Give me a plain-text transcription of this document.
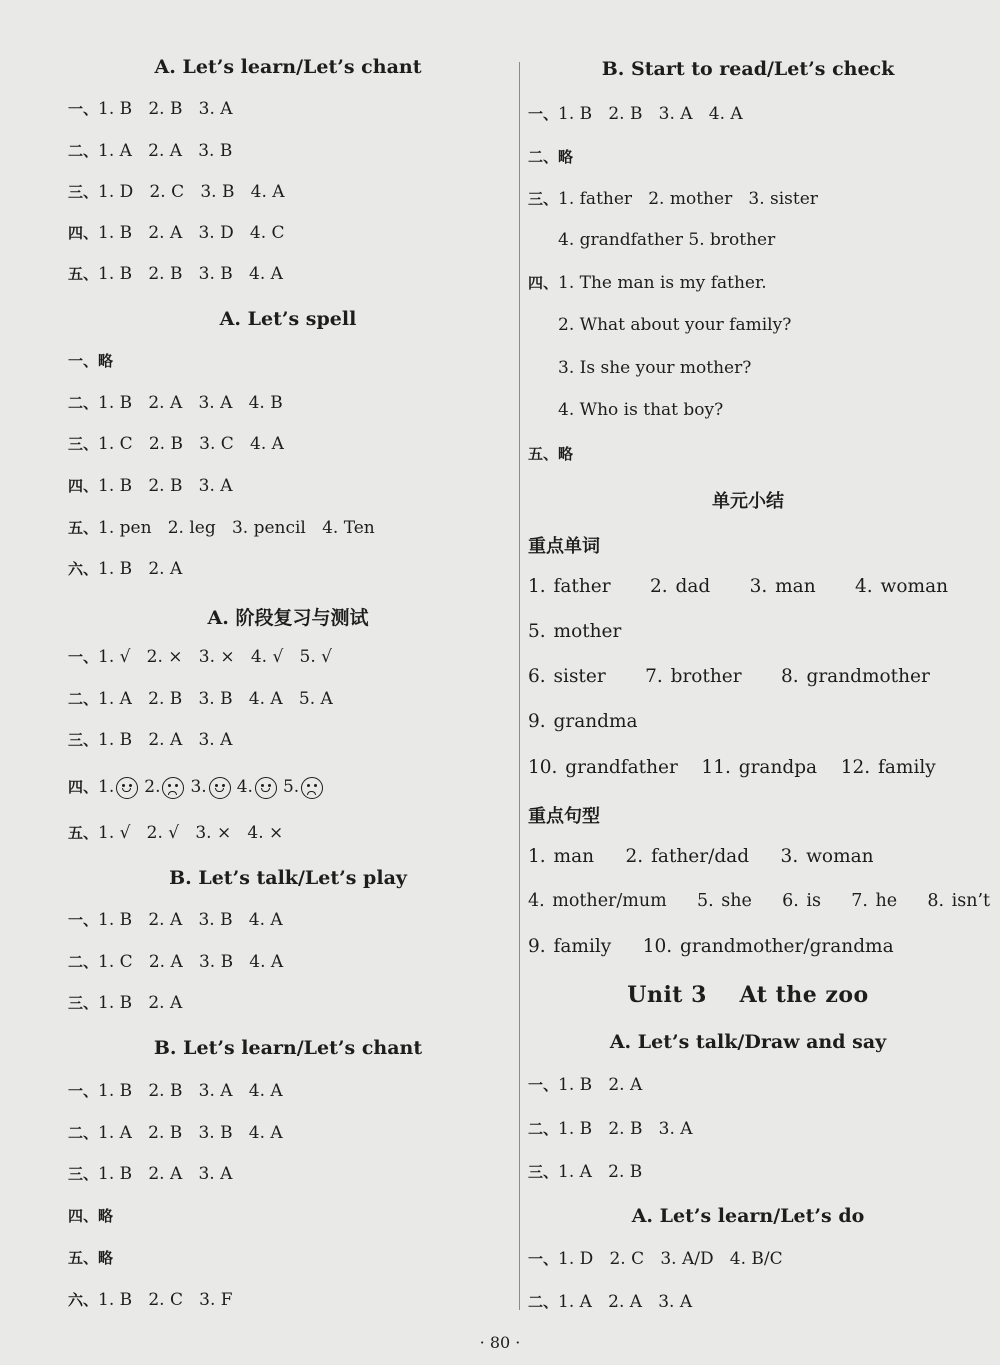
A. Let’s learn/Let’s chant
一、1. B   2. B   3. A
二、1. A   2. A   3. B
三、1. D   2. C   3. B   4. A
四、1. B   2. A   3. D   4. C
五、1. B   2. B   3. B   4. A
A. Let’s spell
一、略
二、1. B   2. A   3. A   4. B
三、1. C   2. B   3. C   4. A
四、1. B   2. B   3. A
五、1. pen   2. leg   3. pencil   4. Ten
六、1. B   2. A
A. 阶段复习与测试
一、1. √   2. ×   3. ×   4. √   5. √
二、1. A   2. B   3. B   4. A   5. A
三、1. B   2. A   3. A
四、1. 2. 3. 4. 5.
五、1. √   2. √   3. ×   4. ×
B. Let’s talk/Let’s play
一、1. B   2. A   3. B   4. A
二、1. C   2. A   3. B   4. A
三、1. B   2. A
B. Let’s learn/Let’s chant
一、1. B   2. B   3. A   4. A
二、1. A   2. B   3. B   4. A
三、1. B   2. A   3. A
四、略
五、略
六、1. B   2. C   3. F
B. Start to read/Let’s check
一、1. B   2. B   3. A   4. A
二、略
三、1. father   2. mother   3. sister
4. grandfather 5. brother
四、1. The man is my father.
2. What about your family?
3. Is she your mother?
4. Who is that boy?
五、略
单元小结
重点单词
1. father     2. dad     3. man     4. woman
5. mother
6. sister     7. brother     8. grandmother
9. grandma
10. grandfather   11. grandpa   12. family
重点句型
1. man    2. father/dad    3. woman
4. mother/mum    5. she    6. is    7. he    8. isn’t
9. family    10. grandmother/grandma
Unit 3    At the zoo
A. Let’s talk/Draw and say
一、1. B   2. A
二、1. B   2. B   3. A
三、1. A   2. B
A. Let’s learn/Let’s do
一、1. D   2. C   3. A/D   4. B/C
二、1. A   2. A   3. A
· 80 ·
